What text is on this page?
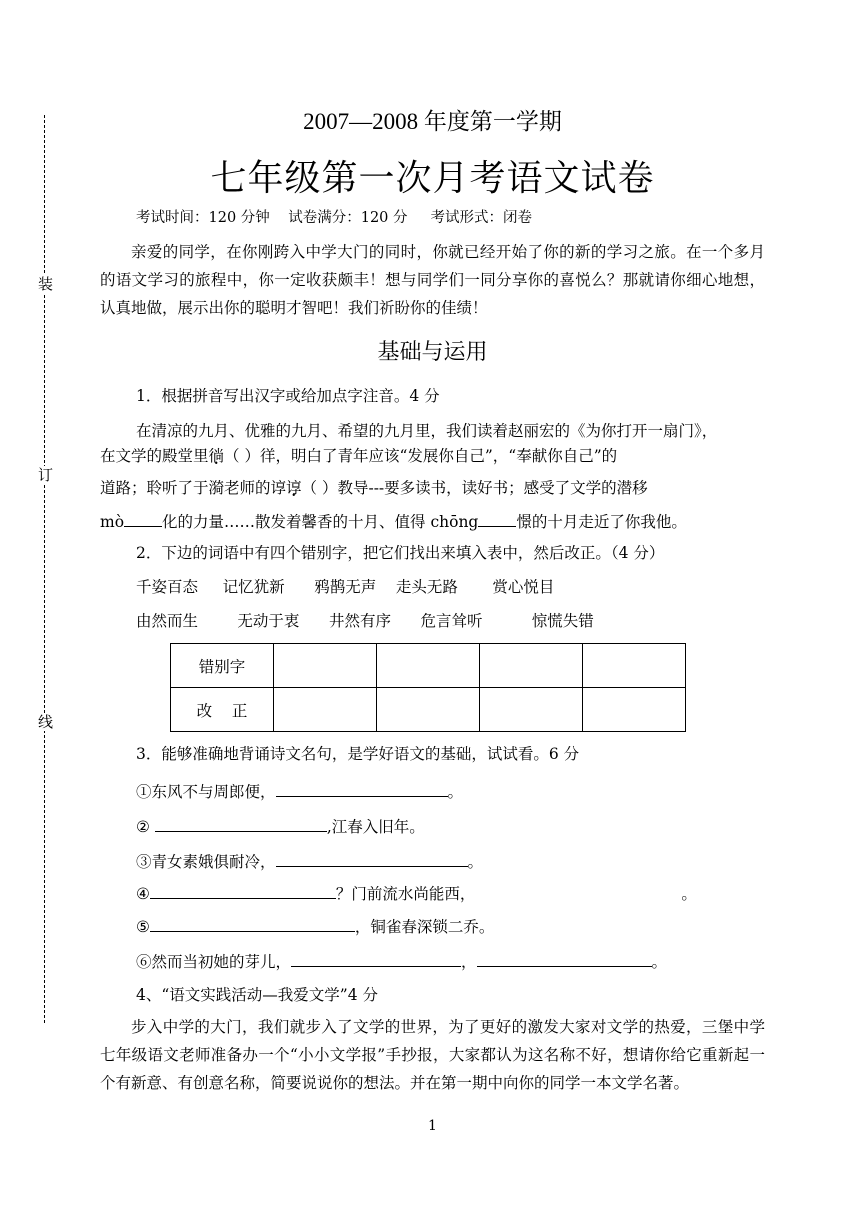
装
订
线
2007—2008 年度第一学期
七年级第一次月考语文试卷
考试时间：120 分钟    试卷满分：120 分     考试形式：闭卷
亲爱的同学，在你刚跨入中学大门的同时，你就已经开始了你的新的学习之旅。在一个多月的语文学习的旅程中，你一定收获颇丰！想与同学们一同分享你的喜悦么？那就请你细心地想，认真地做，展示出你的聪明才智吧！我们祈盼你的佳绩！
基础与运用
1．根据拼音写出汉字或给加点字注音。4 分
在清凉的九月、优雅的九月、希望的九月里，我们读着赵丽宏的《为你打开一扇门》，
在文学的殿堂里徜（ ）徉，明白了青年应该“发展你自己”，“奉献你自己”的
道路；聆听了于漪老师的谆谆（ ）教导---要多读书，读好书；感受了文学的潜移
mò 化的力量……散发着馨香的十月、值得 chōng 憬的十月走近了你我他。
2．下边的词语中有四个错别字，把它们找出来填入表中，然后改正。（4 分）
千姿百态     记忆犹新      鸦鹊无声    走头无路       赏心悦目
由然而生        无动于衷      井然有序      危言耸听          惊慌失错
错别字				
改    正				
3．能够准确地背诵诗文名句，是学好语文的基础，试试看。6 分
①东风不与周郎便，	。
②	,江春入旧年。
③青女素娥俱耐冷，	。
④	？门前流水尚能西，	。
⑤	，铜雀春深锁二乔。
⑥然而当初她的芽儿，	，	。
4、“语文实践活动—我爱文学”4 分
步入中学的大门，我们就步入了文学的世界，为了更好的激发大家对文学的热爱，三堡中学七年级语文老师准备办一个“小小文学报”手抄报，大家都认为这名称不好，想请你给它重新起一个有新意、有创意名称，简要说说你的想法。并在第一期中向你的同学一本文学名著。
1
